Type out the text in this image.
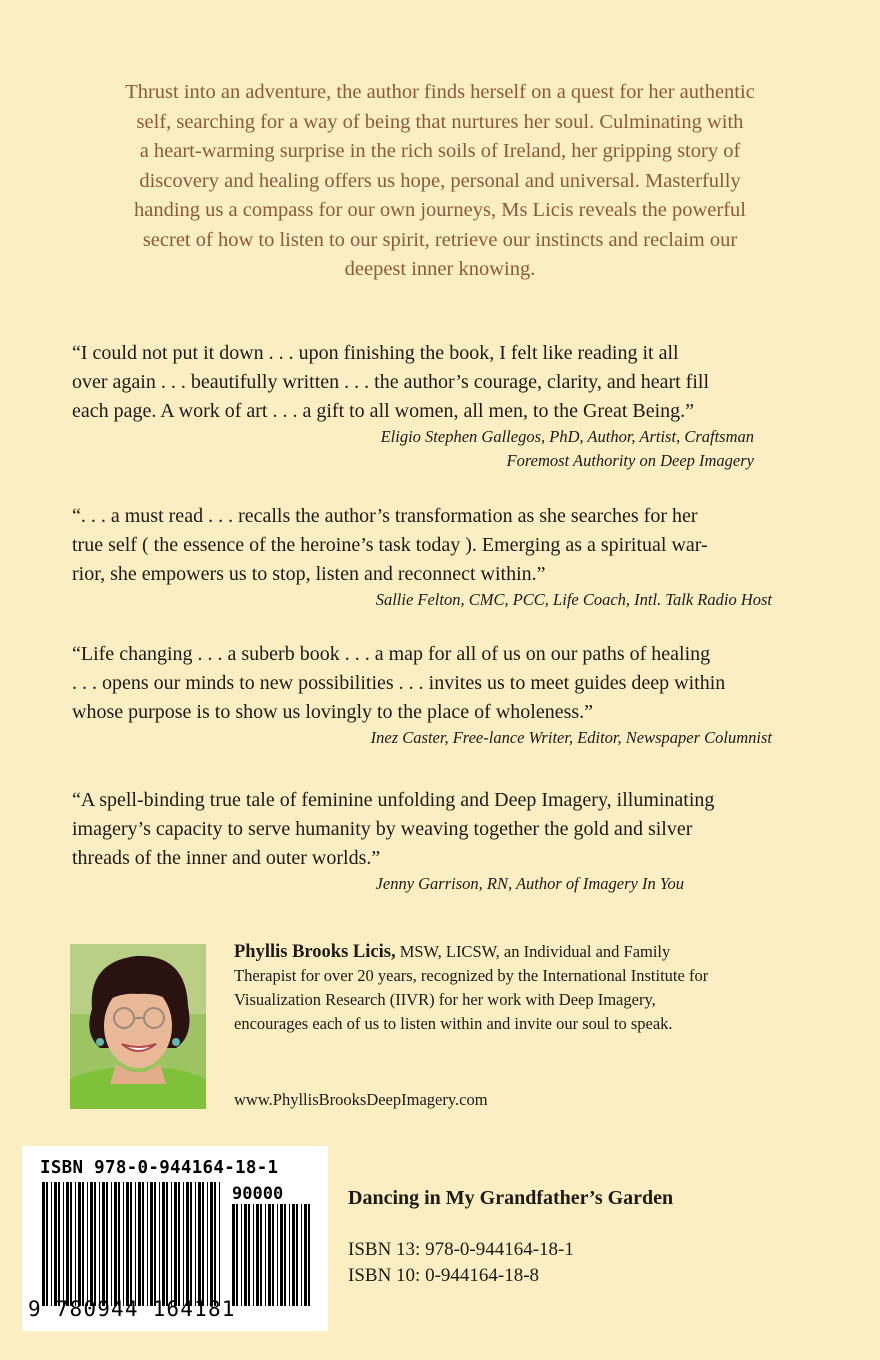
Thrust into an adventure, the author finds herself on a quest for her authentic

self, searching for a way of being that nurtures her soul. Culminating with

a heart-warming surprise in the rich soils of Ireland, her gripping story of

discovery and healing offers us hope, personal and universal. Masterfully

handing us a compass for our own journeys, Ms Licis reveals the powerful

secret of how to listen to our spirit, retrieve our instincts and reclaim our

deepest inner knowing.

“I could not put it down . . . upon finishing the book, I felt like reading it all

over again . . . beautifully written . . . the author’s courage, clarity, and heart fill

each page. A work of art . . . a gift to all women, all men, to the Great Being.”

Eligio Stephen Gallegos, PhD, Author, Artist, Craftsman
Foremost Authority on Deep Imagery

“. . . a must read . . . recalls the author’s transformation as she searches for her

true self ( the essence of the heroine’s task today ). Emerging as a spiritual war-

rior, she empowers us to stop, listen and reconnect within.”

Sallie Felton, CMC, PCC, Life Coach, Intl. Talk Radio Host

“Life changing . . . a suberb book . . . a map for all of us on our paths of healing

. . . opens our minds to new possibilities . . . invites us to meet guides deep within

whose purpose is to show us lovingly to the place of wholeness.”

Inez Caster, Free-lance Writer, Editor, Newspaper Columnist

“A spell-binding true tale of feminine unfolding and Deep Imagery, illuminating

imagery’s capacity to serve humanity by weaving together the gold and silver

threads of the inner and outer worlds.”

Jenny Garrison, RN, Author of Imagery In You

Phyllis Brooks Licis, MSW, LICSW, an Individual and Family

Therapist for over 20 years, recognized by the International Institute for

Visualization Research (IIVR) for her work with Deep Imagery,

encourages each of us to listen within and invite our soul to speak.

www.PhyllisBrooksDeepImagery.com
ISBN 978-0-944164-18-1
90000
9 780944 164181
Dancing in My Grandfather’s Garden
ISBN 13: 978-0-944164-18-1
ISBN 10: 0-944164-18-8
